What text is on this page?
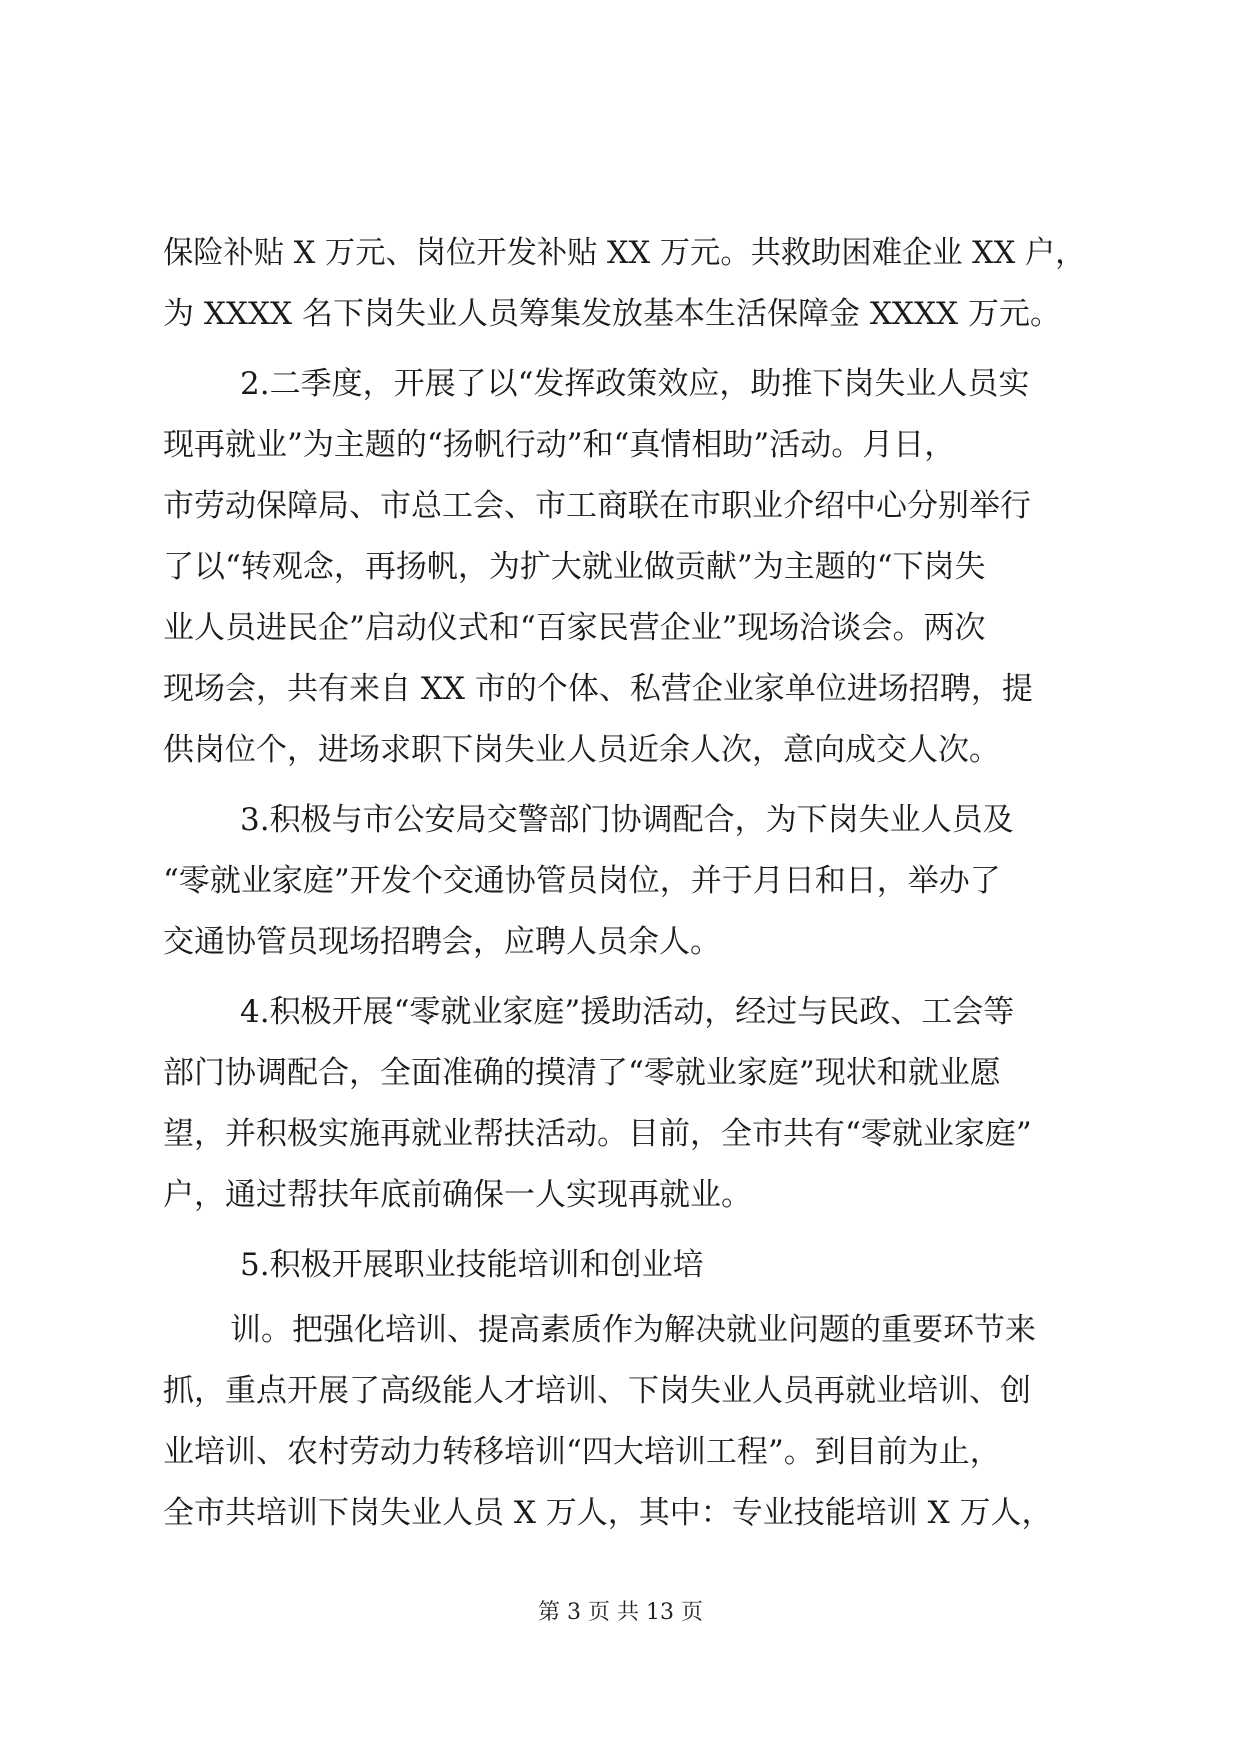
保险补贴 X 万元、岗位开发补贴 XX 万元。共救助困难企业 XX 户，
为 XXXX 名下岗失业人员筹集发放基本生活保障金 XXXX 万元。
2.二季度，开展了以“发挥政策效应，助推下岗失业人员实
现再就业”为主题的“扬帆行动”和“真情相助”活动。月日，
市劳动保障局、市总工会、市工商联在市职业介绍中心分别举行
了以“转观念，再扬帆，为扩大就业做贡献”为主题的“下岗失
业人员进民企”启动仪式和“百家民营企业”现场洽谈会。两次
现场会，共有来自 XX 市的个体、私营企业家单位进场招聘，提
供岗位个，进场求职下岗失业人员近余人次，意向成交人次。
3.积极与市公安局交警部门协调配合，为下岗失业人员及
“零就业家庭”开发个交通协管员岗位，并于月日和日，举办了
交通协管员现场招聘会，应聘人员余人。
4.积极开展“零就业家庭”援助活动，经过与民政、工会等
部门协调配合，全面准确的摸清了“零就业家庭”现状和就业愿
望，并积极实施再就业帮扶活动。目前，全市共有“零就业家庭”
户，通过帮扶年底前确保一人实现再就业。
5.积极开展职业技能培训和创业培
训。把强化培训、提高素质作为解决就业问题的重要环节来
抓，重点开展了高级能人才培训、下岗失业人员再就业培训、创
业培训、农村劳动力转移培训“四大培训工程”。到目前为止，
全市共培训下岗失业人员 X 万人，其中：专业技能培训 X 万人，
第 3 页 共 13 页
